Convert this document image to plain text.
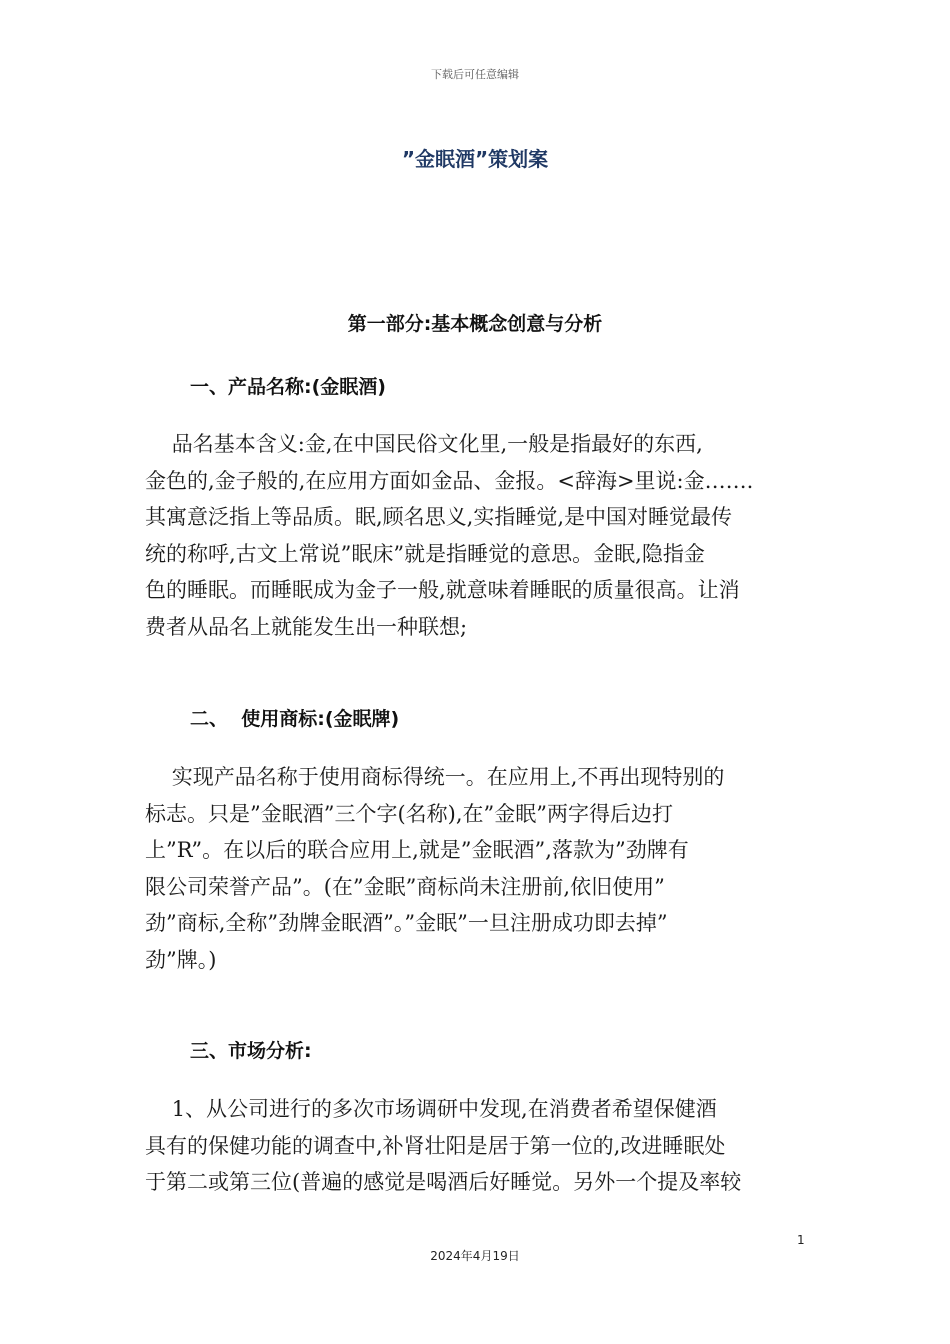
下载后可任意编辑
”金眠酒”策划案
第一部分:基本概念创意与分析
一、产品名称:(金眠酒)

品名基本含义:金,在中国民俗文化里,一般是指最好的东西,
金色的,金子般的,在应用方面如金品、金报。<辞海>里说:金…….
其寓意泛指上等品质。眠,顾名思义,实指睡觉,是中国对睡觉最传
统的称呼,古文上常说”眠床”就是指睡觉的意思。金眠,隐指金
色的睡眠。而睡眠成为金子一般,就意味着睡眠的质量很高。让消
费者从品名上就能发生出一种联想;

二、  使用商标:(金眠牌)

实现产品名称于使用商标得统一。在应用上,不再出现特别的
标志。只是”金眠酒”三个字(名称),在”金眠”两字得后边打
上”R”。在以后的联合应用上,就是”金眠酒”,落款为”劲牌有
限公司荣誉产品”。(在”金眠”商标尚未注册前,依旧使用”
劲”商标,全称”劲牌金眠酒”。”金眠”一旦注册成功即去掉”
劲”牌。)

三、市场分析:

1、从公司进行的多次市场调研中发现,在消费者希望保健酒
具有的保健功能的调查中,补肾壮阳是居于第一位的,改进睡眠处
于第二或第三位(普遍的感觉是喝酒后好睡觉。另外一个提及率较

1
2024年4月19日
